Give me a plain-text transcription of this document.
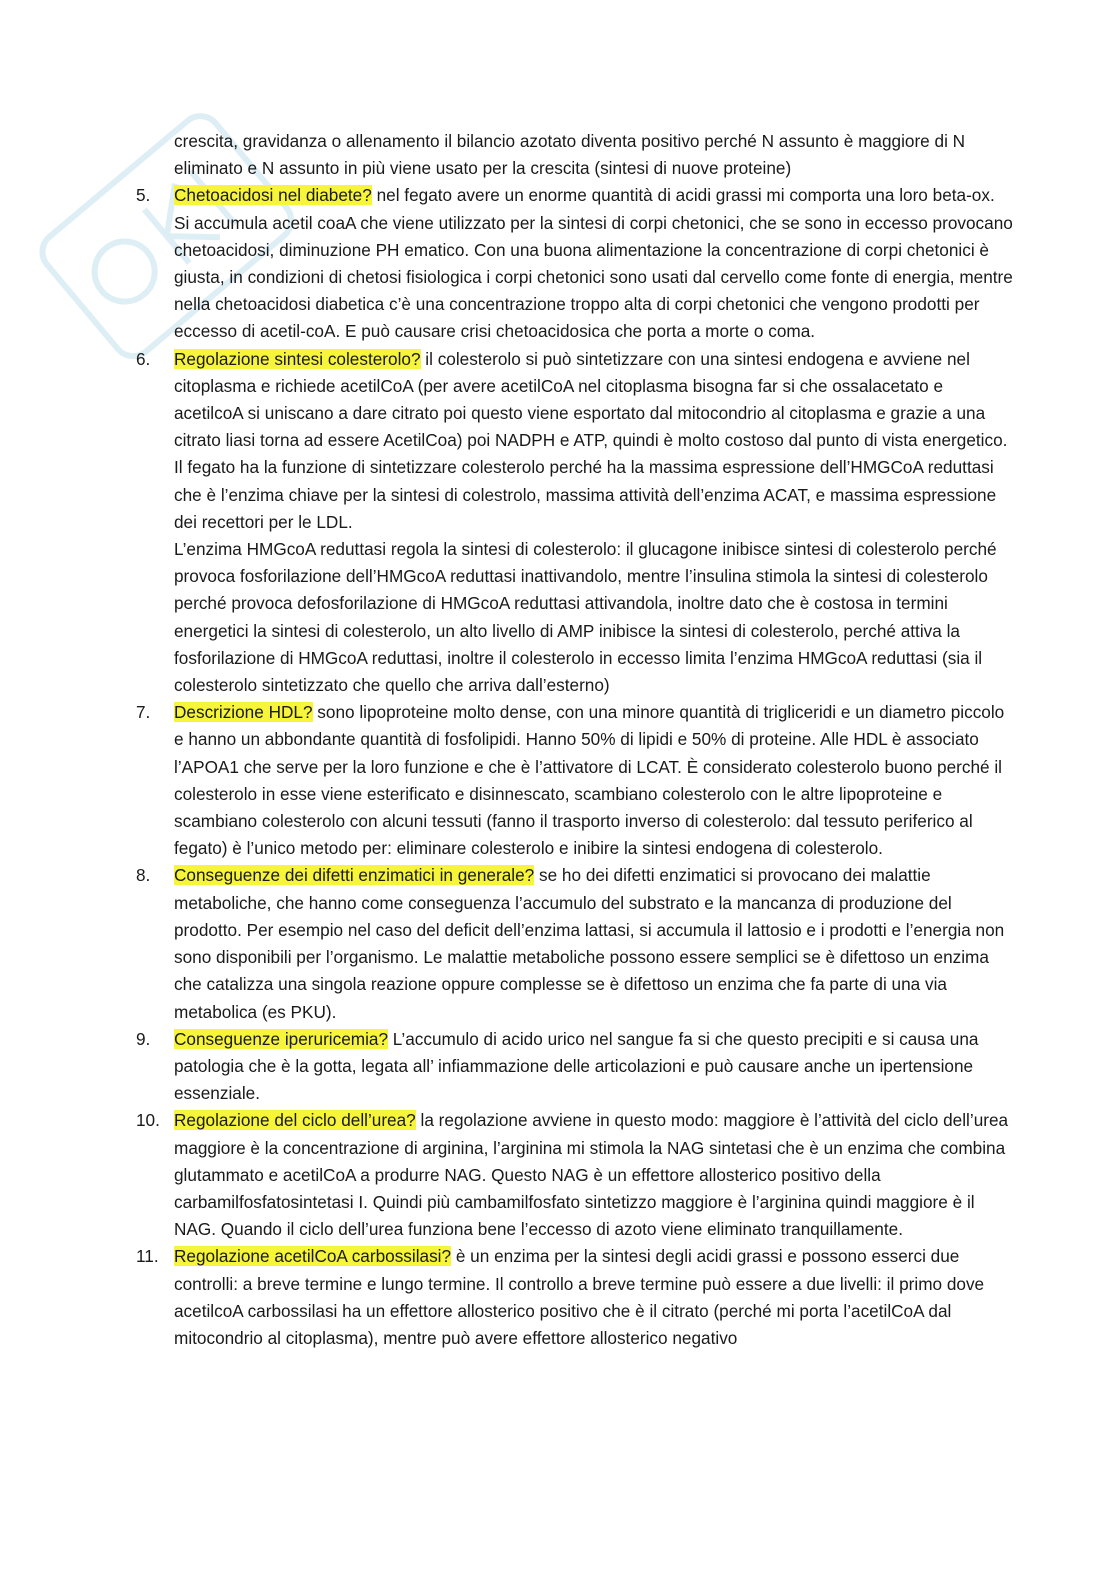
crescita, gravidanza o allenamento il bilancio azotato diventa positivo perché N assunto è maggiore di N eliminato e N assunto in più viene usato per la crescita (sintesi di nuove proteine)
5. Chetoacidosi nel diabete? nel fegato avere un enorme quantità di acidi grassi mi comporta una loro beta-ox. Si accumula acetil coaA che viene utilizzato per la sintesi di corpi chetonici, che se sono in eccesso provocano chetoacidosi, diminuzione PH ematico. Con una buona alimentazione la concentrazione di corpi chetonici è giusta, in condizioni di chetosi fisiologica i corpi chetonici sono usati dal cervello come fonte di energia, mentre nella chetoacidosi diabetica c’è una concentrazione troppo alta di corpi chetonici che vengono prodotti per eccesso di acetil-coA. E può causare crisi chetoacidosica che porta a morte o coma.
6. Regolazione sintesi colesterolo? il colesterolo si può sintetizzare con una sintesi endogena e avviene nel citoplasma e richiede acetilCoA (per avere acetilCoA nel citoplasma bisogna far si che ossalacetato e acetilcoA si uniscano a dare citrato poi questo viene esportato dal mitocondrio al citoplasma e grazie a una citrato liasi torna ad essere AcetilCoa) poi NADPH e ATP, quindi è molto costoso dal punto di vista energetico. Il fegato ha la funzione di sintetizzare colesterolo perché ha la massima espressione dell’HMGCoA reduttasi che è l’enzima chiave per la sintesi di colestrolo, massima attività dell’enzima ACAT, e massima espressione dei recettori per le LDL.
L’enzima HMGcoA reduttasi regola la sintesi di colesterolo: il glucagone inibisce sintesi di colesterolo perché provoca fosforilazione dell’HMGcoA reduttasi inattivandolo, mentre l’insulina stimola la sintesi di colesterolo perché provoca defosforilazione di HMGcoA reduttasi attivandola, inoltre dato che è costosa in termini energetici la sintesi di colesterolo, un alto livello di AMP inibisce la sintesi di colesterolo, perché attiva la fosforilazione di HMGcoA reduttasi, inoltre il colesterolo in eccesso limita l’enzima HMGcoA reduttasi (sia il colesterolo sintetizzato che quello che arriva dall’esterno)
7. Descrizione HDL? sono lipoproteine molto dense, con una minore quantità di trigliceridi e un diametro piccolo e hanno un abbondante quantità di fosfolipidi. Hanno 50% di lipidi e 50% di proteine. Alle HDL è associato l’APOA1 che serve per la loro funzione e che è l’attivatore di LCAT. È considerato colesterolo buono perché il colesterolo in esse viene esterificato e disinnescato, scambiano colesterolo con le altre lipoproteine e scambiano colesterolo con alcuni tessuti (fanno il trasporto inverso di colesterolo: dal tessuto periferico al fegato) è l’unico metodo per: eliminare colesterolo e inibire la sintesi endogena di colesterolo.
8. Conseguenze dei difetti enzimatici in generale? se ho dei difetti enzimatici si provocano dei malattie metaboliche, che hanno come conseguenza l’accumulo del substrato e la mancanza di produzione del prodotto. Per esempio nel caso del deficit dell’enzima lattasi, si accumula il lattosio e i prodotti e l’energia non sono disponibili per l’organismo. Le malattie metaboliche possono essere semplici se è difettoso un enzima che catalizza una singola reazione oppure complesse se è difettoso un enzima che fa parte di una via metabolica (es PKU).
9. Conseguenze iperuricemia? L’accumulo di acido urico nel sangue fa si che questo precipiti e si causa una patologia che è la gotta, legata all’ infiammazione delle articolazioni e può causare anche un ipertensione essenziale.
10. Regolazione del ciclo dell’urea? la regolazione avviene in questo modo: maggiore è l’attività del ciclo dell’urea maggiore è la concentrazione di arginina, l’arginina mi stimola la NAG sintetasi che è un enzima che combina glutammato e acetilCoA a produrre NAG. Questo NAG è un effettore allosterico positivo della carbamilfosfatosintetasi I. Quindi più cambamilfosfato sintetizzo maggiore è l’arginina quindi maggiore è il NAG. Quando il ciclo dell’urea funziona bene l’eccesso di azoto viene eliminato tranquillamente.
11. Regolazione acetilCoA carbossilasi? è un enzima per la sintesi degli acidi grassi e possono esserci due controlli: a breve termine e lungo termine. Il controllo a breve termine può essere a due livelli: il primo dove acetilcoA carbossilasi ha un effettore allosterico positivo che è il citrato (perché mi porta l’acetilCoA dal mitocondrio al citoplasma), mentre può avere effettore allosterico negativo
